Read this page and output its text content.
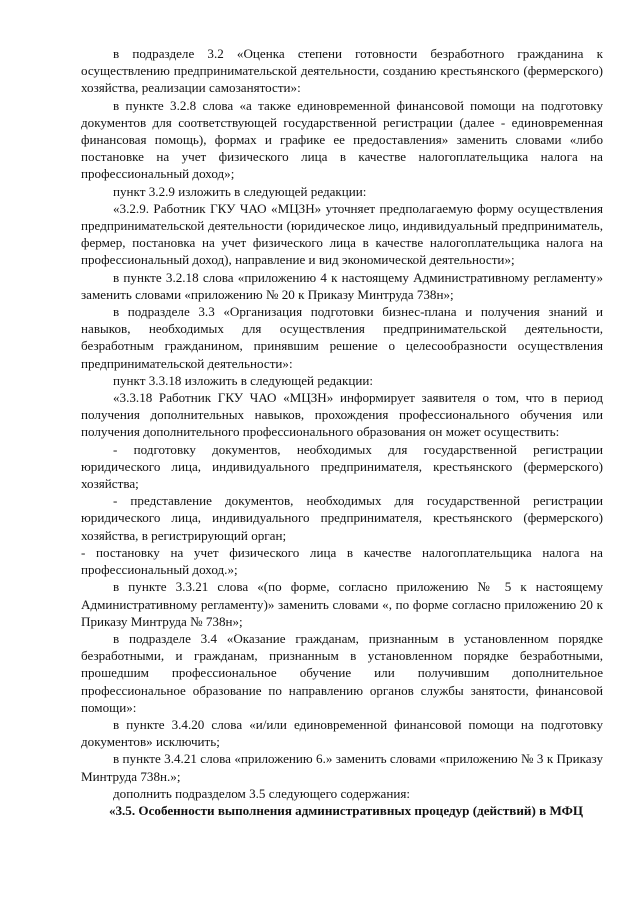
в подразделе 3.2 «Оценка степени готовности безработного гражданина к осуществлению предпринимательской деятельности, созданию крестьянского (фермерского) хозяйства, реализации самозанятости»:

в пункте 3.2.8 слова «а также единовременной финансовой помощи на подготовку документов для соответствующей государственной регистрации (далее - единовременная финансовая помощь), формах и графике ее предоставления» заменить словами «либо постановке на учет физического лица в качестве налогоплательщика налога на профессиональный доход»;

пункт 3.2.9 изложить в следующей редакции:

«3.2.9. Работник ГКУ ЧАО «МЦЗН» уточняет предполагаемую форму осуществления предпринимательской деятельности (юридическое лицо, индивидуальный предприниматель, фермер, постановка на учет физического лица в качестве налогоплательщика налога на профессиональный доход), направление и вид экономической деятельности»;

в пункте 3.2.18 слова «приложению 4 к настоящему Административному регламенту» заменить словами «приложению № 20 к Приказу Минтруда 738н»;

в подразделе 3.3 «Организация подготовки бизнес-плана и получения знаний и навыков, необходимых для осуществления предпринимательской деятельности, безработным гражданином, принявшим решение о целесообразности осуществления предпринимательской деятельности»:

пункт 3.3.18 изложить в следующей редакции:

«3.3.18 Работник ГКУ ЧАО «МЦЗН» информирует заявителя о том, что в период получения дополнительных навыков, прохождения профессионального обучения или получения дополнительного профессионального образования он может осуществить:

- подготовку документов, необходимых для государственной регистрации юридического лица, индивидуального предпринимателя, крестьянского (фермерского) хозяйства;

- представление документов, необходимых для государственной регистрации юридического лица, индивидуального предпринимателя, крестьянского (фермерского) хозяйства, в регистрирующий орган;

- постановку на учет физического лица в качестве налогоплательщика налога на профессиональный доход.»;

в пункте 3.3.21 слова «(по форме, согласно приложению № 5 к настоящему Административному регламенту)» заменить словами «, по форме согласно приложению 20 к Приказу Минтруда № 738н»;

в подразделе 3.4 «Оказание гражданам, признанным в установленном порядке безработными, и гражданам, признанным в установленном порядке безработными, прошедшим профессиональное обучение или получившим дополнительное профессиональное образование по направлению органов службы занятости, финансовой помощи»:

в пункте 3.4.20 слова «и/или единовременной финансовой помощи на подготовку документов» исключить;

в пункте 3.4.21 слова «приложению 6.» заменить словами «приложению № 3 к Приказу Минтруда 738н.»;

дополнить подразделом 3.5 следующего содержания:

«3.5. Особенности выполнения административных процедур (действий) в МФЦ
